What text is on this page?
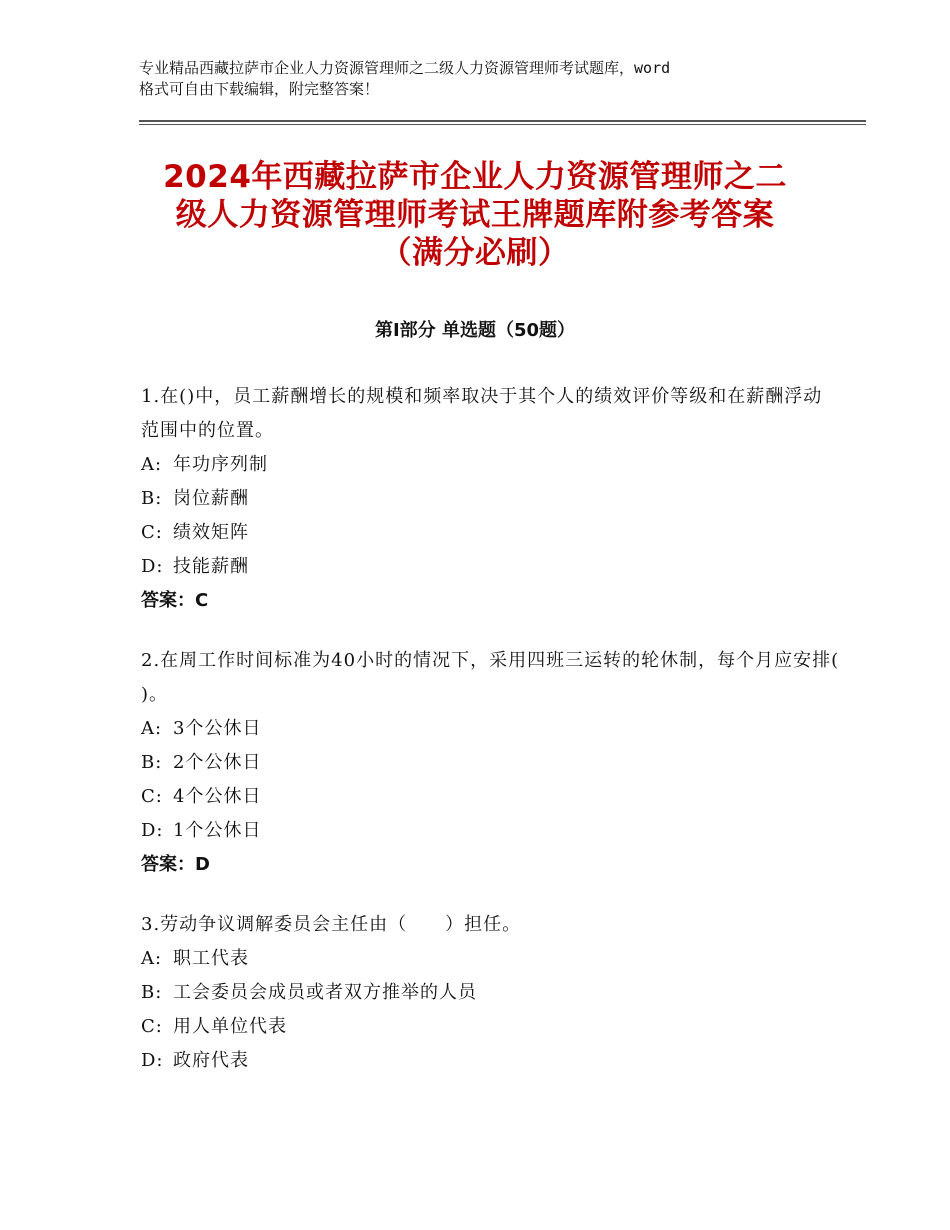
专业精品西藏拉萨市企业人力资源管理师之二级人力资源管理师考试题库，word
格式可自由下载编辑，附完整答案！
2024年西藏拉萨市企业人力资源管理师之二
级人力资源管理师考试王牌题库附参考答案
（满分必刷）
第Ⅰ部分 单选题（50题）
1.在()中，员工薪酬增长的规模和频率取决于其个人的绩效评价等级和在薪酬浮动范围中的位置。
A: 年功序列制
B: 岗位薪酬
C: 绩效矩阵
D: 技能薪酬
答案：C
2.在周工作时间标准为40小时的情况下，采用四班三运转的轮休制，每个月应安排( )。
A: 3个公休日
B: 2个公休日
C: 4个公休日
D: 1个公休日
答案：D
3.劳动争议调解委员会主任由（　　）担任。
A: 职工代表
B: 工会委员会成员或者双方推举的人员
C: 用人单位代表
D: 政府代表
